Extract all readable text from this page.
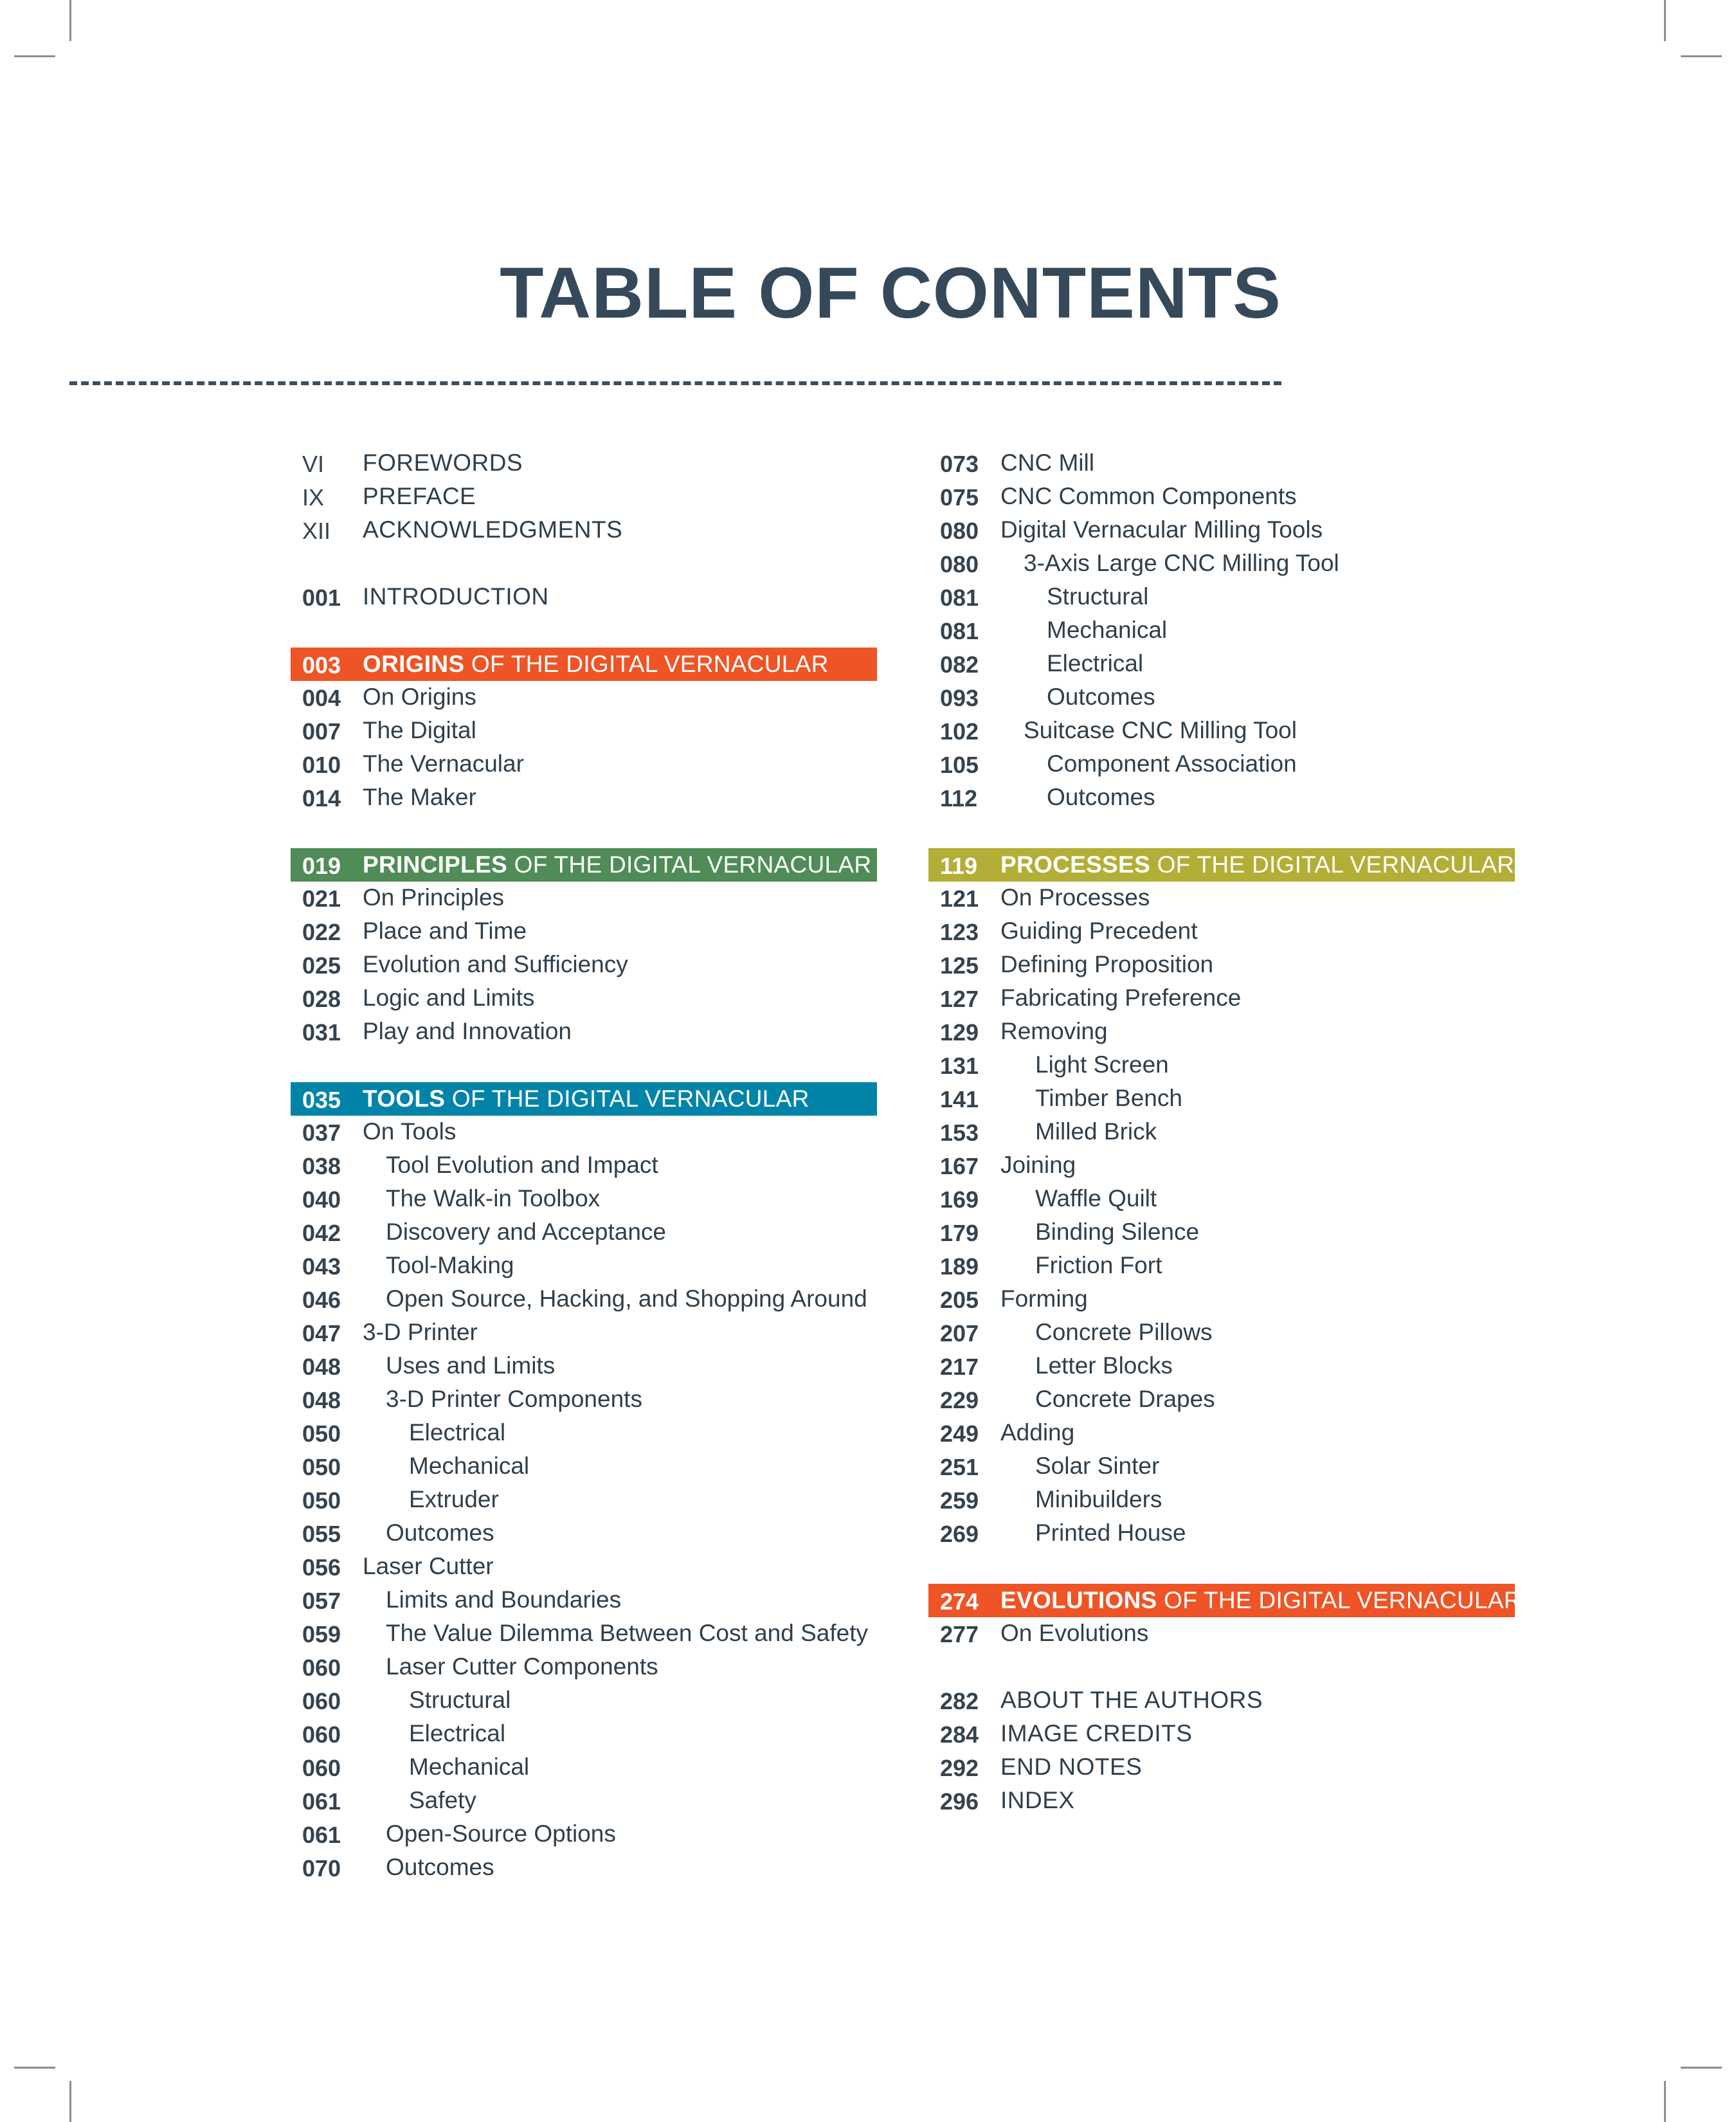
TABLE OF CONTENTS
VI	FOREWORDS
IX	PREFACE
XII	ACKNOWLEDGMENTS
001 INTRODUCTION
003 ORIGINS OF THE DIGITAL VERNACULAR
004 On Origins
007 The Digital
010 The Vernacular
014 The Maker
019 PRINCIPLES OF THE DIGITAL VERNACULAR
021 On Principles
022 Place and Time
025 Evolution and Sufficiency
028 Logic and Limits
031 Play and Innovation
035 TOOLS OF THE DIGITAL VERNACULAR
037 On Tools
038	Tool Evolution and Impact
040	The Walk-in Toolbox
042	Discovery and Acceptance
043	Tool-Making
046	Open Source, Hacking, and Shopping Around
047 3-D Printer
048	Uses and Limits
048	3-D Printer Components
050	Electrical
050	Mechanical
050	Extruder
055	Outcomes
056 Laser Cutter
057	Limits and Boundaries
059	The Value Dilemma Between Cost and Safety
060	Laser Cutter Components
060	Structural
060	Electrical
060	Mechanical
061	Safety
061	Open-Source Options
070	Outcomes
073 CNC Mill
075 CNC Common Components
080 Digital Vernacular Milling Tools
080	3-Axis Large CNC Milling Tool
081	Structural
081	Mechanical
082	Electrical
093	Outcomes
102	Suitcase CNC Milling Tool
105	Component Association
112	Outcomes
119 PROCESSES OF THE DIGITAL VERNACULAR
121 On Processes
123 Guiding Precedent
125 Defining Proposition
127 Fabricating Preference
129 Removing
131	Light Screen
141	Timber Bench
153	Milled Brick
167 Joining
169	Waffle Quilt
179	Binding Silence
189	Friction Fort
205 Forming
207	Concrete Pillows
217	Letter Blocks
229	Concrete Drapes
249 Adding
251	Solar Sinter
259	Minibuilders
269	Printed House
274 EVOLUTIONS OF THE DIGITAL VERNACULAR
277 On Evolutions
282 ABOUT THE AUTHORS
284 IMAGE CREDITS
292 END NOTES
296 INDEX
